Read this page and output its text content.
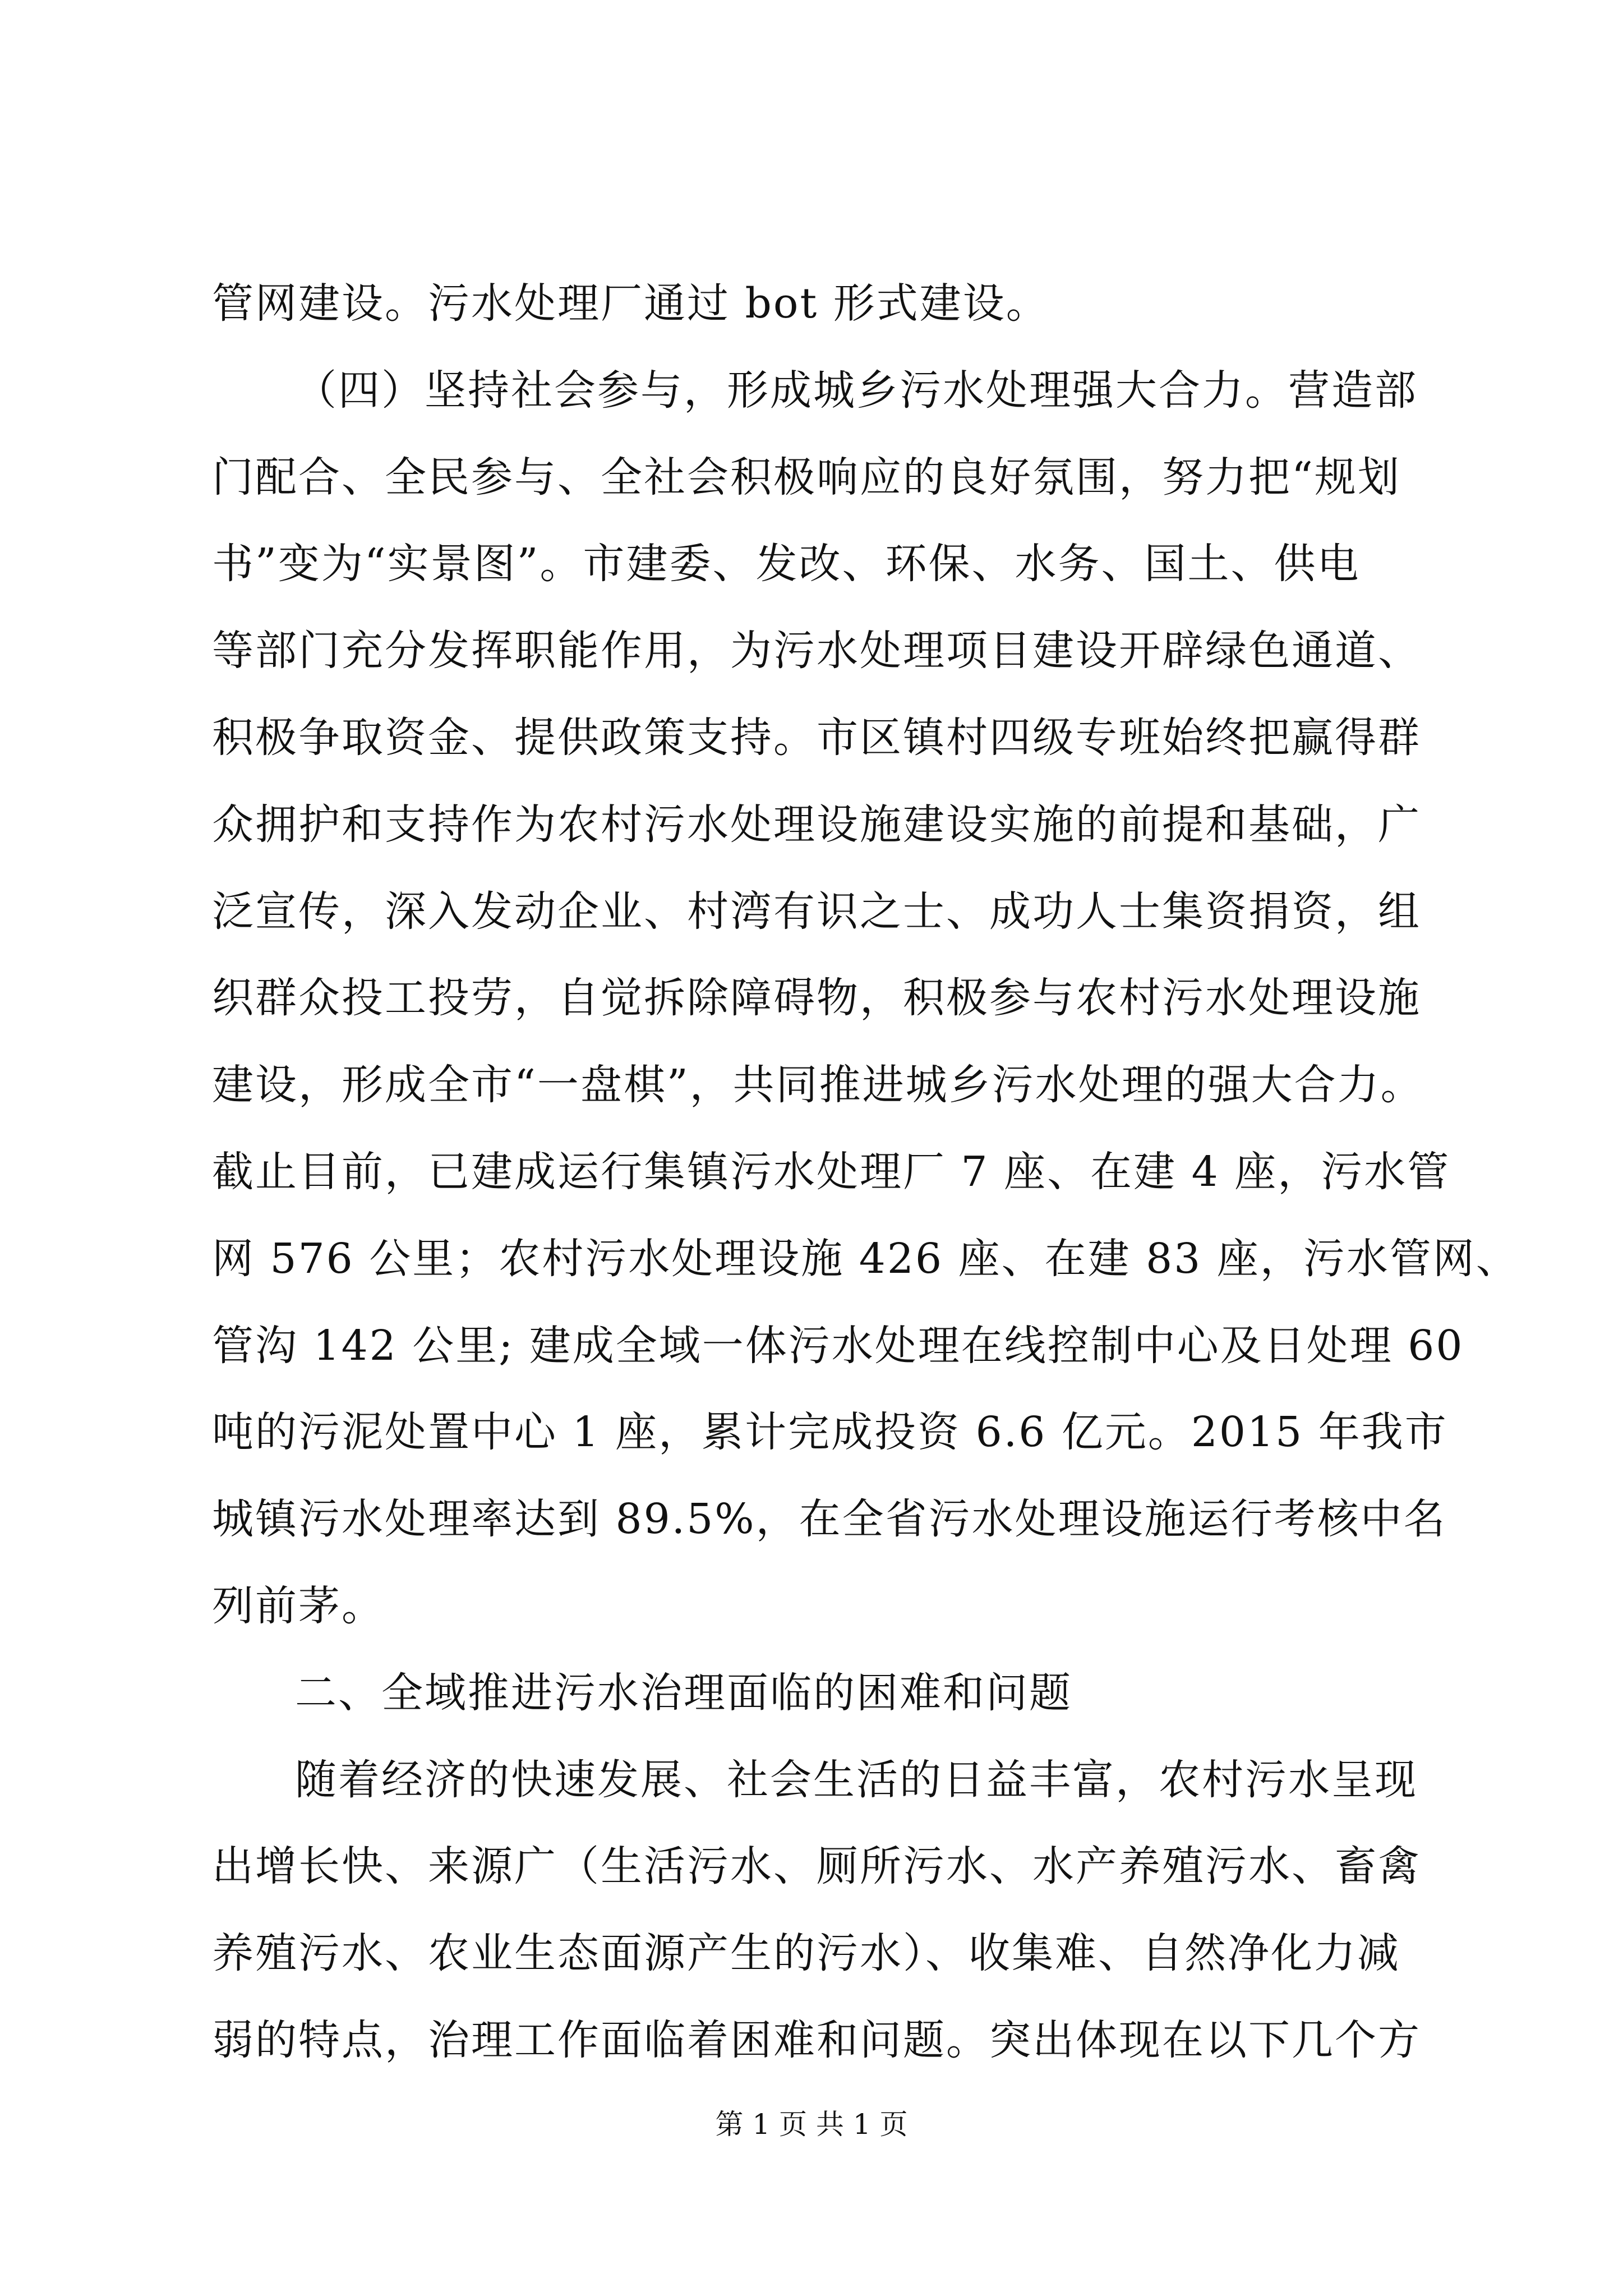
管网建设。污水处理厂通过 bot 形式建设。
（四）坚持社会参与，形成城乡污水处理强大合力。营造部
门配合、全民参与、全社会积极响应的良好氛围，努力把“规划
书”变为“实景图”。市建委、发改、环保、水务、国土、供电
等部门充分发挥职能作用，为污水处理项目建设开辟绿色通道、
积极争取资金、提供政策支持。市区镇村四级专班始终把赢得群
众拥护和支持作为农村污水处理设施建设实施的前提和基础，广
泛宣传，深入发动企业、村湾有识之士、成功人士集资捐资，组
织群众投工投劳，自觉拆除障碍物，积极参与农村污水处理设施
建设，形成全市“一盘棋”，共同推进城乡污水处理的强大合力。
截止目前，已建成运行集镇污水处理厂 7 座、在建 4 座，污水管
网 576 公里；农村污水处理设施 426 座、在建 83 座，污水管网、
管沟 142 公里; 建成全域一体污水处理在线控制中心及日处理 60
吨的污泥处置中心 1 座，累计完成投资 6.6 亿元。2015 年我市
城镇污水处理率达到 89.5%，在全省污水处理设施运行考核中名
列前茅。
二、全域推进污水治理面临的困难和问题
随着经济的快速发展、社会生活的日益丰富，农村污水呈现
出增长快、来源广（生活污水、厕所污水、水产养殖污水、畜禽
养殖污水、农业生态面源产生的污水）、收集难、自然净化力减
弱的特点，治理工作面临着困难和问题。突出体现在以下几个方
第 1 页 共 1 页
